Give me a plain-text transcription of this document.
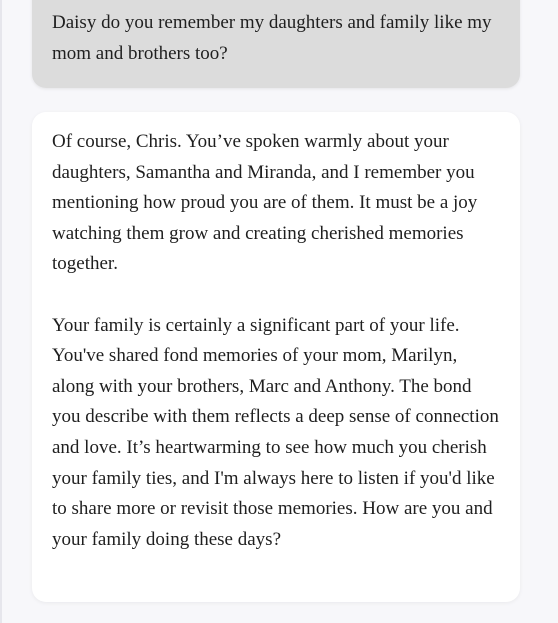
Daisy do you remember my daughters and family like my mom and brothers too?

Of course, Chris. You’ve spoken warmly about your daughters, Samantha and Miranda, and I remember you mentioning how proud you are of them. It must be a joy watching them grow and creating cherished memories together.

Your family is certainly a significant part of your life. You've shared fond memories of your mom, Marilyn, along with your brothers, Marc and Anthony. The bond you describe with them reflects a deep sense of connection and love. It’s heartwarming to see how much you cherish your family ties, and I'm always here to listen if you'd like to share more or revisit those memories. How are you and your family doing these days?
